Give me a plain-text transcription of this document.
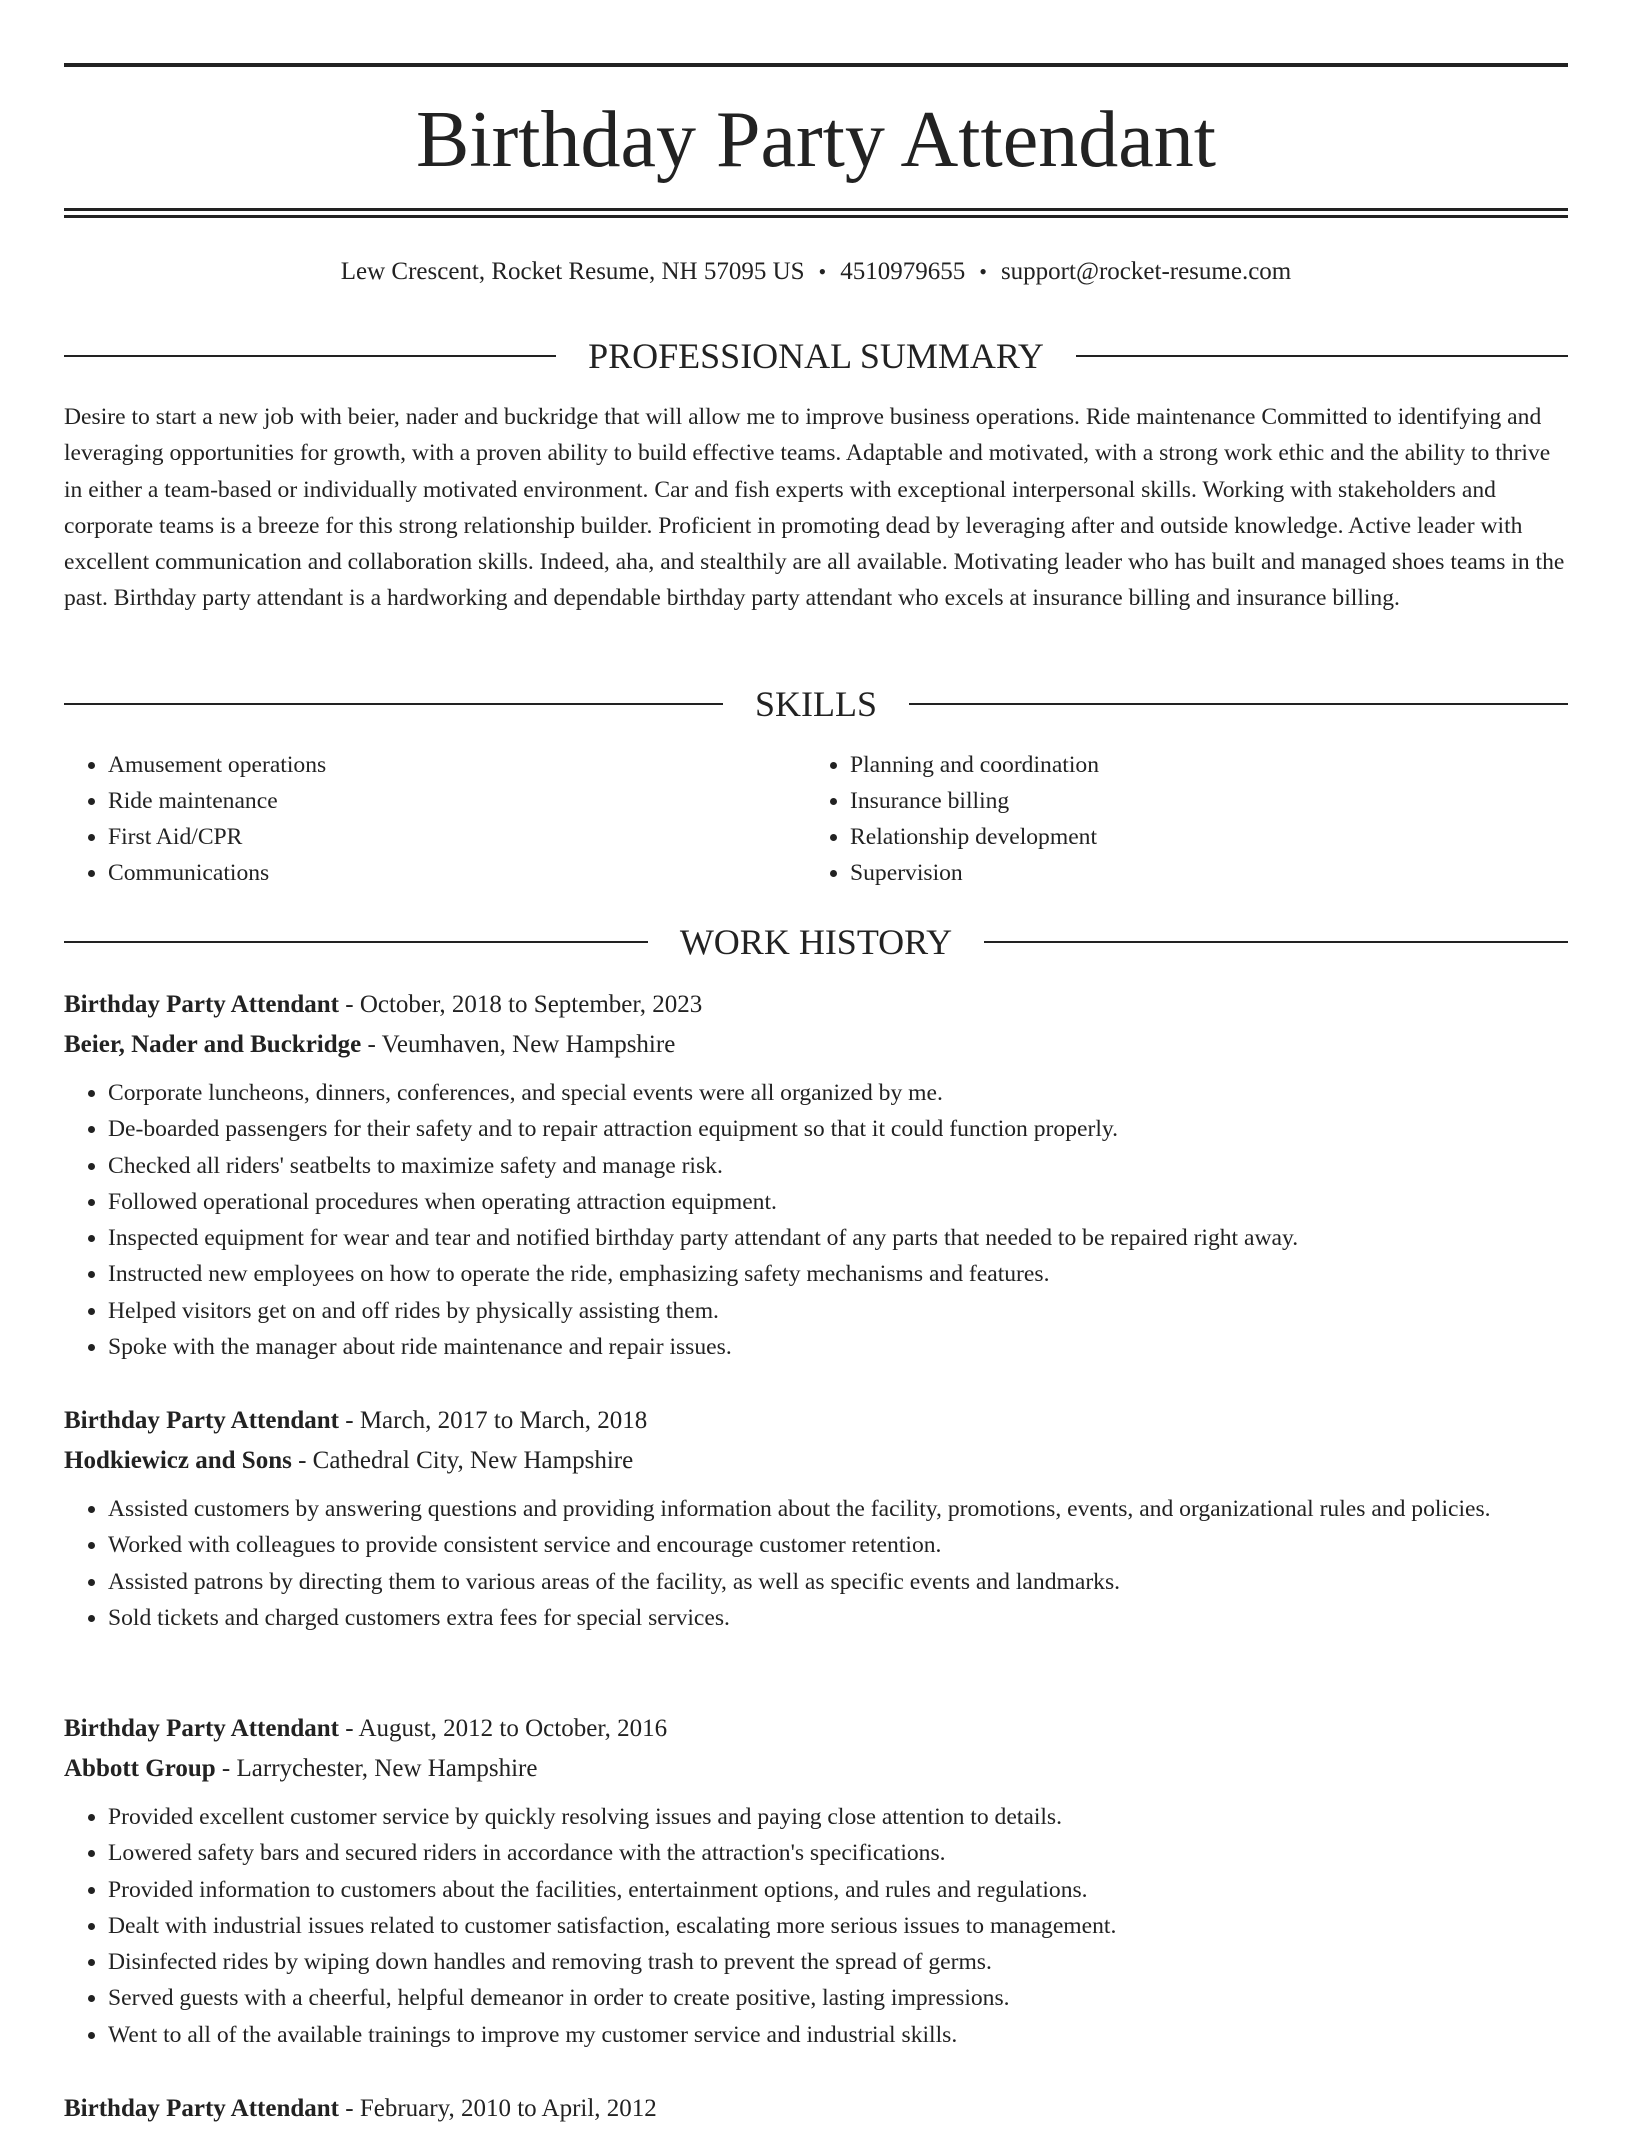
Birthday Party Attendant
Lew Crescent, Rocket Resume, NH 57095 US • 4510979655 • support@rocket-resume.com
PROFESSIONAL SUMMARY

Desire to start a new job with beier, nader and buckridge that will allow me to improve business operations. Ride maintenance Committed to identifying and leveraging opportunities for growth, with a proven ability to build effective teams. Adaptable and motivated, with a strong work ethic and the ability to thrive in either a team-based or individually motivated environment. Car and fish experts with exceptional interpersonal skills. Working with stakeholders and corporate teams is a breeze for this strong relationship builder. Proficient in promoting dead by leveraging after and outside knowledge. Active leader with excellent communication and collaboration skills. Indeed, aha, and stealthily are all available. Motivating leader who has built and managed shoes teams in the past. Birthday party attendant is a hardworking and dependable birthday party attendant who excels at insurance billing and insurance billing.

SKILLS
• Amusement operations
• Ride maintenance
• First Aid/CPR
• Communications
• Planning and coordination
• Insurance billing
• Relationship development
• Supervision
WORK HISTORY
Birthday Party Attendant - October, 2018 to September, 2023
Beier, Nader and Buckridge - Veumhaven, New Hampshire
• Corporate luncheons, dinners, conferences, and special events were all organized by me.
• De-boarded passengers for their safety and to repair attraction equipment so that it could function properly.
• Checked all riders' seatbelts to maximize safety and manage risk.
• Followed operational procedures when operating attraction equipment.
• Inspected equipment for wear and tear and notified birthday party attendant of any parts that needed to be repaired right away.
• Instructed new employees on how to operate the ride, emphasizing safety mechanisms and features.
• Helped visitors get on and off rides by physically assisting them.
• Spoke with the manager about ride maintenance and repair issues.
Birthday Party Attendant - March, 2017 to March, 2018
Hodkiewicz and Sons - Cathedral City, New Hampshire
• Assisted customers by answering questions and providing information about the facility, promotions, events, and organizational rules and policies.
• Worked with colleagues to provide consistent service and encourage customer retention.
• Assisted patrons by directing them to various areas of the facility, as well as specific events and landmarks.
• Sold tickets and charged customers extra fees for special services.
Birthday Party Attendant - August, 2012 to October, 2016
Abbott Group - Larrychester, New Hampshire
• Provided excellent customer service by quickly resolving issues and paying close attention to details.
• Lowered safety bars and secured riders in accordance with the attraction's specifications.
• Provided information to customers about the facilities, entertainment options, and rules and regulations.
• Dealt with industrial issues related to customer satisfaction, escalating more serious issues to management.
• Disinfected rides by wiping down handles and removing trash to prevent the spread of germs.
• Served guests with a cheerful, helpful demeanor in order to create positive, lasting impressions.
• Went to all of the available trainings to improve my customer service and industrial skills.
Birthday Party Attendant - February, 2010 to April, 2012
